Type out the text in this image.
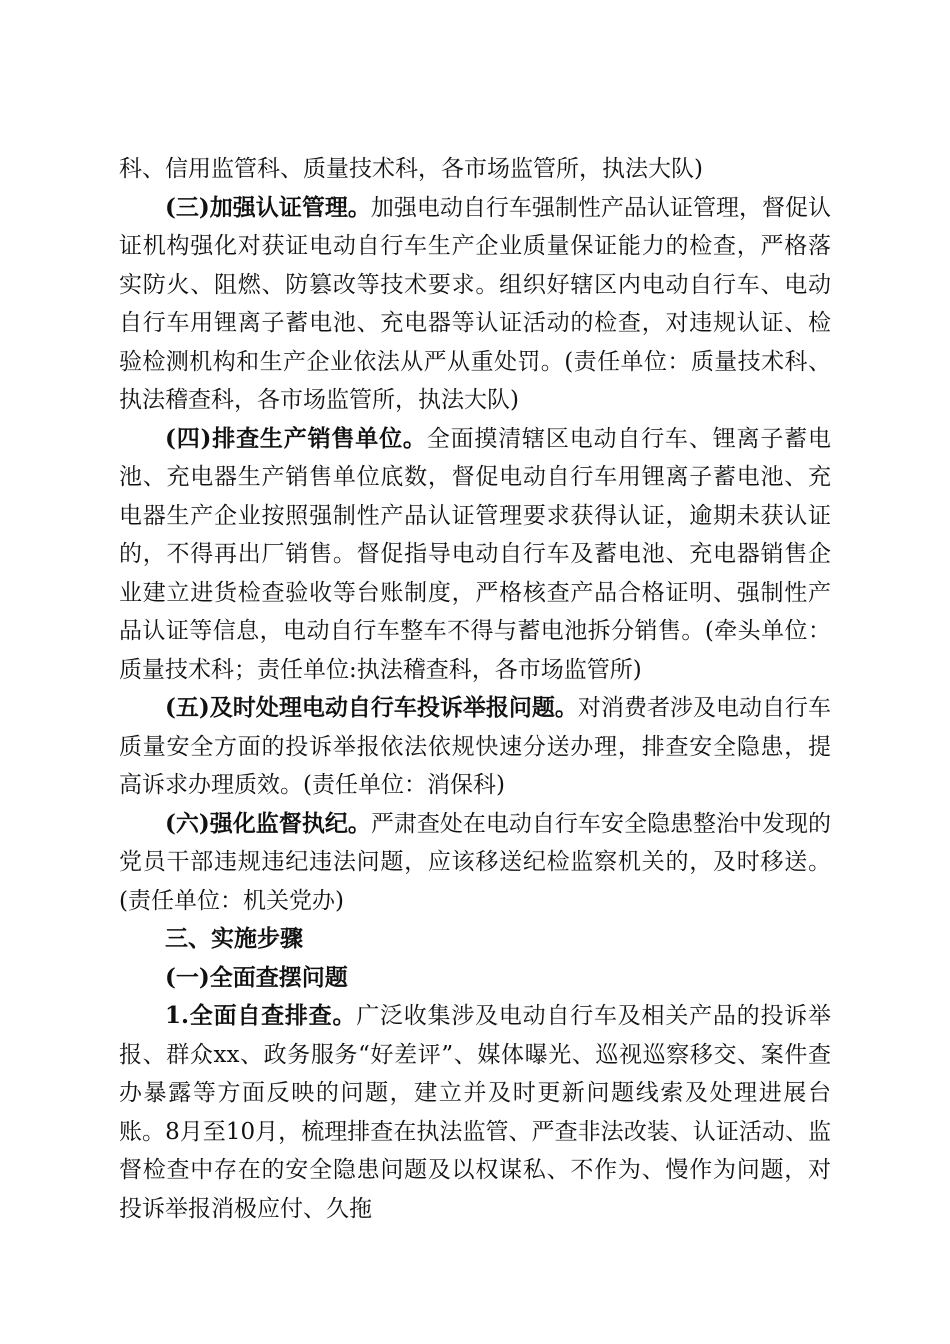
科、信用监管科、质量技术科，各市场监管所，执法大队)

(三)加强认证管理。加强电动自行车强制性产品认证管理，督促认证机构强化对获证电动自行车生产企业质量保证能力的检查，严格落实防火、阻燃、防篡改等技术要求。组织好辖区内电动自行车、电动自行车用锂离子蓄电池、充电器等认证活动的检查，对违规认证、检验检测机构和生产企业依法从严从重处罚。(责任单位：质量技术科、执法稽查科，各市场监管所，执法大队)

(四)排查生产销售单位。全面摸清辖区电动自行车、锂离子蓄电池、充电器生产销售单位底数，督促电动自行车用锂离子蓄电池、充电器生产企业按照强制性产品认证管理要求获得认证，逾期未获认证的，不得再出厂销售。督促指导电动自行车及蓄电池、充电器销售企业建立进货检查验收等台账制度，严格核查产品合格证明、强制性产品认证等信息，电动自行车整车不得与蓄电池拆分销售。(牵头单位：质量技术科；责任单位:执法稽查科，各市场监管所)

(五)及时处理电动自行车投诉举报问题。对消费者涉及电动自行车质量安全方面的投诉举报依法依规快速分送办理，排查安全隐患，提高诉求办理质效。(责任单位：消保科)

(六)强化监督执纪。严肃查处在电动自行车安全隐患整治中发现的党员干部违规违纪违法问题，应该移送纪检监察机关的，及时移送。(责任单位：机关党办)

三、实施步骤

(一)全面查摆问题

1.全面自查排查。广泛收集涉及电动自行车及相关产品的投诉举报、群众xx、政务服务“好差评”、媒体曝光、巡视巡察移交、案件查办暴露等方面反映的问题，建立并及时更新问题线索及处理进展台账。8月至10月，梳理排查在执法监管、严查非法改装、认证活动、监督检查中存在的安全隐患问题及以权谋私、不作为、慢作为问题，对投诉举报消极应付、久拖
